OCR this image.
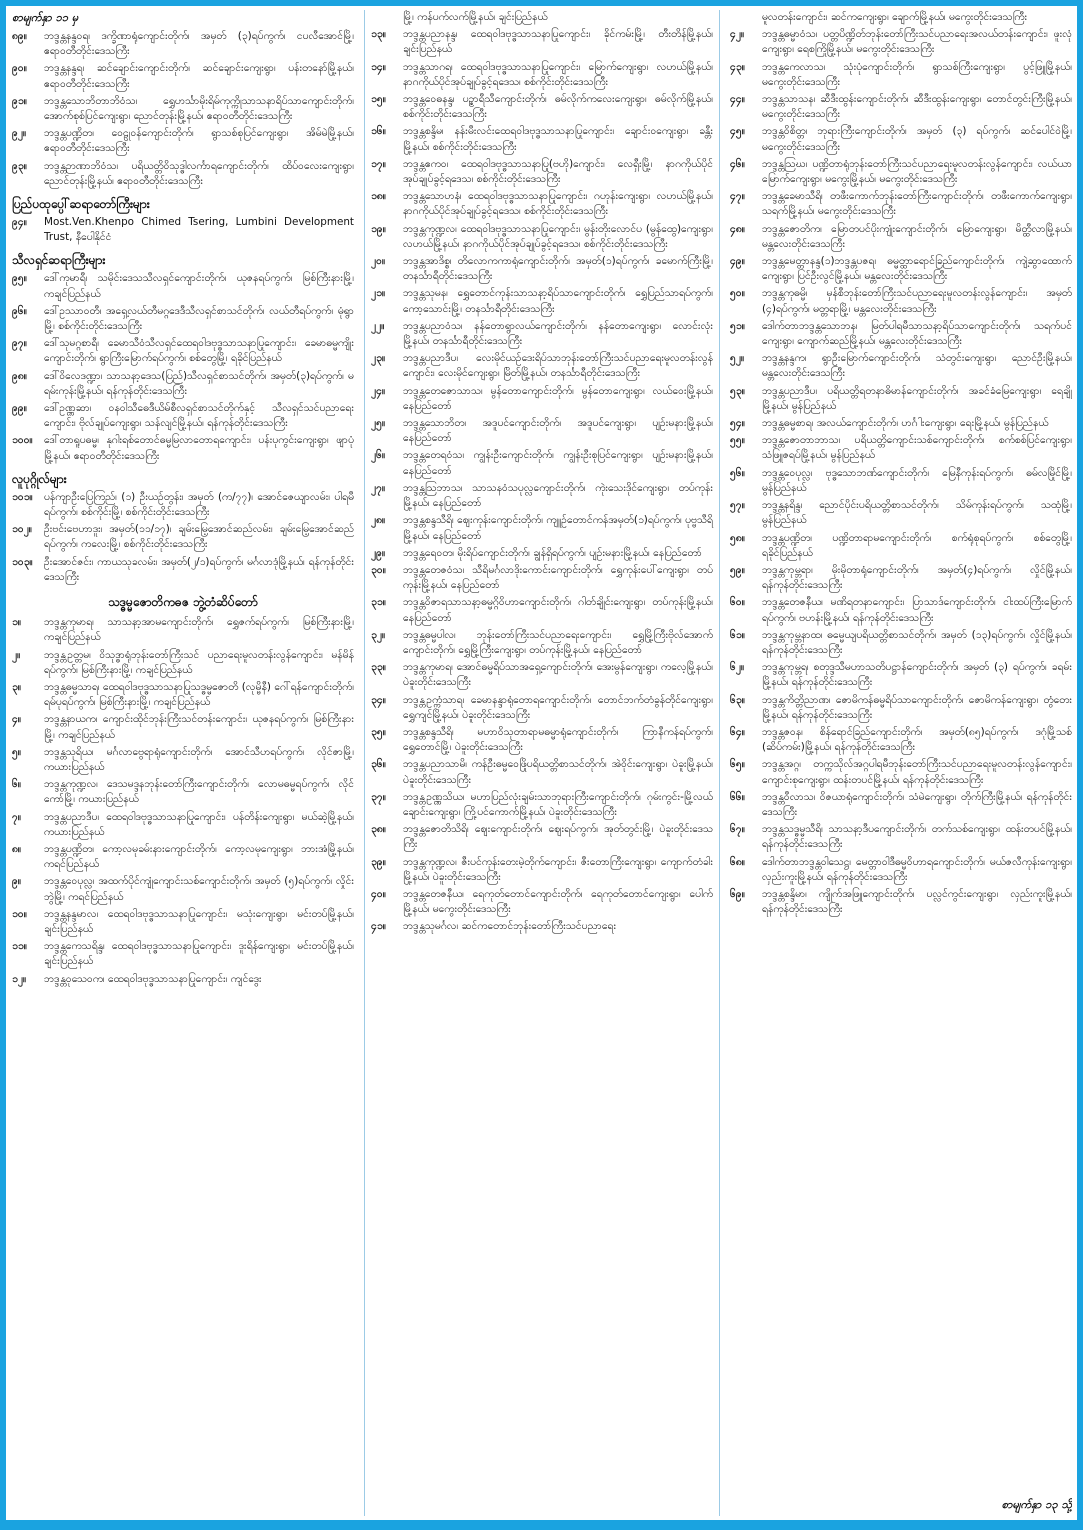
စာမျက်နှာ ၁၁ မှ
၈၉။	ဘဒ္ဒန္တနန္ဒဝရ၊ ဒက္ခိဏာရုံကျောင်းတိုက်၊ အမှတ် (၃)ရပ်ကွက်၊ ငပလီအောင်မြို့၊ ဧရာဝတီတိုင်းဒေသကြီး
၉၀။	ဘဒ္ဒန္တနန္ဒရ၊ ဆင်ချောင်းကျောင်းတိုက်၊ ဆင်ချောင်းကျေးရွာ၊ ပန်းတနော်မြို့နယ်၊ ဧရာဝတီတိုင်းဒေသကြီး
၉၁။	ဘဒ္ဒန္တသောဘိတာဘိဝံသ၊ ရွှေဟင်္သာမိုးရိမ်ကုက္ကိုသာသနာရိပ်သာကျောင်းတိုက်၊ အောက်စုစ်ပြင်ကျေးရွာ၊ ညောင်တုန်းမြို့နယ်၊ ဧရာဝတီတိုင်းဒေသကြီး
၉၂။	ဘဒ္ဒန္တပဏ္ဍိတ၊ ဝေဠုဝန်ကျောင်းတိုက်၊ ရွာသစ်စုပြင်ကျေးရွာ၊ အိမ်မဲမြို့နယ်၊ ဧရာဝတီတိုင်းဒေသကြီး
၉၃။	ဘဒ္ဒန္တဉာဏာဘိဝံသ၊ ပရိယတ္တိဝိသုဒ္ဓါလင်္ကာရကျောင်းတိုက်၊ ထိပ်ဝလေးကျေးရွာ၊ ညောင်တုန်းမြို့နယ်၊ ဧရာဝတီတိုင်းဒေသကြီး
ပြည်ပထုပ္ပေါ်ဆရာတော်ကြီးများ
၉၄။	Most.Ven.Khenpo Chimed Tsering, Lumbini Development Trust, နီပေါနိုင်ငံ
သီလရှင်ဆရာကြီးများ
၉၅။	ဒေါ်ကုမာရီ၊ သမိုင်းဒေသသီလရှင်ကျောင်းတိုက်၊ ယုဇနရပ်ကွက်၊ မြစ်ကြီးနားမြို့၊ ကချင်ပြည်နယ်
၉၆။	ဒေါ်ဥဿာဝတီ၊ အရှေ့လယ်တီမဂ္ဂဒေဒီသီလရှင်စာသင်တိုက်၊ လယ်တီရပ်ကွက်၊ မုံရွာမြို့၊ စစ်ကိုင်းတိုင်းဒေသကြီး
၉၇။	ဒေါ်သုမဂ္ဂစာရီ၊ ခေမာသီဝံသီလရှင်ထေရဝါဒဗုဒ္ဓသာသနာပြုကျောင်း၊ ခေမာဓမ္မကျိုးကျောင်းတိုက်၊ ရွာကြီးမြောက်ရပ်ကွက်၊ စစ်တွေမြို့၊ ရခိုင်ပြည်နယ်
၉၈။	ဒေါ်ဝိလေဒဏ္ဍာ၊ သာသနာ့ဒေသ(ပြည်)သီလရှင်စာသင်တိုက်၊ အမှတ်(၃)ရပ်ကွက်၊ မရမ်းကုန်းမြို့နယ်၊ ရန်ကုန်တိုင်းဒေသကြီး
၉၉။	ဒေါ်ဥဏ္ဏဆာ၊ ဝနဝါသီဓေဒီယိမ်စီလရှင်စာသင်တိုက်နှင့် သီလရှင်သင်ပညာရေးကျောင်း၊ ဗိုလ်ချုပ်ကျေးရွာ၊ သန်လျင်မြို့နယ်၊ ရန်ကုန်တိုင်းဒေသကြီး
၁၀၀။	ဒေါ်တာရူပဓမ္မ၊ နုဂါးရစ်တောင်ဓမ္မမြလာတောရကျောင်း၊ ပန်းပုကွင်းကျေးရွာ၊ ဖျာပုံမြို့နယ်၊ ဧရာဝတီတိုင်းဒေသကြီး
လူပုဂ္ဂိုလ်များ
၁၀၁။	ပန်ကျာဦးပြေကြည်၊ (၁) ဦးယဉ်တွန်း၊ အမှတ် (က/၇၇)၊ အောင်ဇေယျာလမ်း၊ ပါရမီရပ်ကွက်၊ စစ်ကိုင်းမြို့၊ စစ်ကိုင်းတိုင်းဒေသကြီး
၁၀၂။	ဦးဗင်းဗေဟာဒူး၊ အမှတ်(၁၁/၁၇)၊ ချမ်းမြေ့အောင်ဆည်လမ်း၊ ချမ်းမြေ့အောင်ဆည်ရပ်ကွက်၊ ကလေးမြို့၊ စစ်ကိုင်းတိုင်းဒေသကြီး
၁၀၃။	ဦးအောင်ဇင်း၊ ကာယသုခလမ်း၊ အမှတ်(၂/၁)ရပ်ကွက်၊ မင်္ဂလာဒုံမြို့နယ်၊ ရန်ကုန်တိုင်းဒေသကြီး
သဒ္ဓမ္မဇောတိကဓဇ ဘွဲ့တံဆိပ်တော်
၁။	ဘဒ္ဒန္တကုမာရ၊ သာသနာ့အာမကျောင်းတိုက်၊ ရွှေဇက်ရပ်ကွက်၊ မြစ်ကြီးနားမြို့၊ ကချင်ပြည်နယ်
၂။	ဘဒ္ဒန္တဥတ္တမ၊ ဝိသုဒ္ဓာရုံဘုန်းတော်ကြီးသင် ပညာရေးမူလတန်းလွန်ကျောင်း၊ မန်မိန်ရပ်ကွက်၊ မြစ်ကြီးနားမြို့၊ ကချင်ပြည်နယ်
၃။	ဘဒ္ဒန္တဓမ္မသာရ၊ ထေရဝါဒဗုဒ္ဓသာသနာပြုသဒ္ဓမ္မဇောတိ (လုမ္ဗိနီ) ဂေါ်ရန်ကျောင်းတိုက်၊ ရမ်ပုရပ်ကွက်၊ မြစ်ကြီးနားမြို့၊ ကချင်ပြည်နယ်
၄။	ဘဒ္ဒန္တနာယက၊ ကျောင်းထိုင်ဘုန်းကြီးသင်တန်းကျောင်း၊ ယုဇနရပ်ကွက်၊ မြစ်ကြီးနားမြို့၊ ကချင်ပြည်နယ်
၅။	ဘဒ္ဒန္တသုရိယ၊ မင်္ဂလာဗွေရာရုံကျောင်းတိုက်၊ အောင်သီဟရပ်ကွက်၊ လိုင်ဇာမြို့၊ ကယားပြည်နယ်
၆။	ဘဒ္ဒန္တကုဏ္ဍလ၊ ဒေသမဒ္ဒနဘုန်းတော်ကြီးကျောင်းတိုက်၊ လောမဓမ္မရပ်ကွက်၊ လိုင်ကော်မြို့၊ ကယားပြည်နယ်
၇။	ဘဒ္ဒန္တပညာဒီပ၊ ထေရဝါဒဗုဒ္ဓသာသနာပြုကျောင်း၊ ပန်တိန်းကျေးရွာ၊ မယ်ဆဲ့မြို့နယ်၊ ကယားပြည်နယ်
၈။	ဘဒ္ဒန္တပဏ္ဍိတ၊ ကော့လမုခမ်းနားကျောင်းတိုက်၊ ကော့လမုကျေးရွာ၊ ဘားအံမြို့နယ်၊ ကရင်ပြည်နယ်
၉။	ဘဒ္ဒန္တဝေပုလ္လ၊ အထက်ပိုင်ကျုံကျောင်းသစ်ကျောင်းတိုက်၊ အမှတ် (၅)ရပ်ကွက်၊ လှိုင်းဘွဲမြို့၊ ကရင်ပြည်နယ်
၁၀။	ဘဒ္ဒန္တနန္ဒမာလ၊ ထေရဝါဒဗုဒ္ဓသာသနာပြုကျောင်း၊ မသုံးကျေးရွာ၊ မင်းတပ်မြို့နယ်၊ ချင်းပြည်နယ်
၁၁။	ဘဒ္ဒန္တကေသရိန္ဒ၊ ထေရဝါဒဗုဒ္ဓသာသနာပြုကျောင်း၊ ဒူးရိန်ကျေးရွာ၊ မင်းတပ်မြို့နယ်၊ ချင်းပြည်နယ်
၁၂။	ဘဒ္ဒန္တဝုသေဝက၊ ထေရဝါဒဗုဒ္ဓသာသနာပြုကျောင်း၊ ကျင်ဒွေး
မြို့၊ ကန်ပက်လက်မြို့နယ်၊ ချင်းပြည်နယ်
၁၃။	ဘဒ္ဒန္တပညာနန္ဒ၊ ထေရဝါဒဗုဒ္ဓသာသနာပြုကျောင်း၊ ခိုင်ကမ်းမြို့၊ တီးတိန်မြို့နယ်၊ ချင်းပြည်နယ်
၁၄။	ဘဒ္ဒန္တသာဂရ၊ ထေရဝါဒဗုဒ္ဓသာသနာပြုကျောင်း၊ မြောက်ကျေးရွာ၊ လဟယ်မြို့နယ်၊ နာဂကိုယ်ပိုင်အုပ်ချုပ်ခွင့်ရဒေသ၊ စစ်ကိုင်းတိုင်းဒေသကြီး
၁၅။	ဘဒ္ဒန္တဝေဓနန္ဒ၊ ပဉ္စာရီသီကျောင်းတိုက်၊ ဓမ်လိုက်ကလေးကျေးရွာ၊ ဓမ်လိုက်မြို့နယ်၊ စစ်ကိုင်းတိုင်းဒေသကြီး
၁၆။	ဘဒ္ဒန္တစန္ဒိမ၊ နန်းမီးလင်းထေရဝါဒဗုဒ္ဓသာသနာပြုကျောင်း၊ ချောင်းဝကျေးရွာ၊ ခန္တီးမြို့နယ်၊ စစ်ကိုင်းတိုင်းဒေသကြီး
၁၇။	ဘဒ္ဒန္တဧကဝ၊ ထေရဝါဒဗုဒ္ဓသာသနာပြု(ဗဟို)ကျောင်း၊ လေရှီးမြို့၊ နာဂကိုယ်ပိုင်အုပ်ချုပ်ခွင့်ရဒေသ၊ စစ်ကိုင်းတိုင်းဒေသကြီး
၁၈။	ဘဒ္ဒန္တသောဟနံ၊ ထေရဝါဒဗုဒ္ဓသာသနာပြုကျောင်း၊ ဂဟုန်းကျေးရွာ၊ လဟယ်မြို့နယ်၊ နာဂကိုယ်ပိုင်အုပ်ချုပ်ခွင့်ရဒေသ၊ စစ်ကိုင်းတိုင်းဒေသကြီး
၁၉။	ဘဒ္ဒန္တကုဏ္ဍလ၊ ထေရဝါဒဗုဒ္ဓသာသနာပြုကျောင်း၊ မွန်းတိုးလောင်ပ (မွန်ထွေ)ကျေးရွာ၊ လဟယ်မြို့နယ်၊ နာဂကိုယ်ပိုင်အုပ်ချုပ်ခွင့်ရဒေသ၊ စစ်ကိုင်းတိုင်းဒေသကြီး
၂၀။	ဘဒ္ဒန္တအာဒိစ္စ၊ တိလောကကာရုံကျောင်းတိုက်၊ အမှတ်(၁)ရပ်ကွက်၊ ခမောက်ကြီးမြို့၊ တနင်္သာရီတိုင်းဒေသကြီး
၂၁။	ဘဒ္ဒန္တသုမန၊ ရွှေတောင်ကုန်းသာသနာ့ရိပ်သာကျောင်းတိုက်၊ ရွှေပြည်သာရပ်ကွက်၊ ကော့သောင်းမြို့၊ တနင်္သာရီတိုင်းဒေသကြီး
၂၂။	ဘဒ္ဒန္တပညာဝံသ၊ နန်တောရွာလယ်ကျောင်းတိုက်၊ နန်တောကျေးရွာ၊ လောင်းလုံးမြို့နယ်၊ တနင်္သာရီတိုင်းဒေသကြီး
၂၃။	ဘဒ္ဒန္တပညာဒီပ၊ လေးမိုင်ယဉ်ဒေးရိပ်သာဘုန်းတော်ကြီးသင်ပညာရေးမူလတန်းလွန်ကျောင်း၊ လေးမိုင်ကျေးရွာ၊ မြိတ်မြို့နယ်၊ တနင်္သာရီတိုင်းဒေသကြီး
၂၄။	ဘဒ္ဒန္တတေဇောသာသ၊ မွန်တောကျောင်းတိုက်၊ မွန်တောကျေးရွာ၊ လယ်ဝေးမြို့နယ်၊ နေပြည်တော်
၂၅။	ဘဒ္ဒန္တသောဘိတ၊ အဒူပင်ကျောင်းတိုက်၊ အဒူပင်ကျေးရွာ၊ ပျဉ်းမနားမြို့နယ်၊ နေပြည်တော်
၂၆။	ဘဒ္ဒန္တတေရဝံသ၊ ကျွန်းဦးကျောင်းတိုက်၊ ကျွန်းဦးစုပြင်ကျေးရွာ၊ ပျဉ်းမနားမြို့နယ်၊ နေပြည်တော်
၂၇။	ဘဒ္ဒန္တဩဘာသ၊ သာသနဝံသပုလ္လကျောင်းတိုက်၊ ကုဲးသေးဒိုင်ကျေးရွာ၊ တပ်ကုန်းမြို့နယ်၊ နေပြည်တော်
၂၈။	ဘဒ္ဒန္တစန္ဒသီရိ၊ ဈေးကုန်းကျောင်းတိုက်၊ ကျူဉ်တောင်ကန်အမှတ်(၁)ရပ်ကွက်၊ ပုဗ္ဗသီရိမြို့နယ်၊ နေပြည်တော်
၂၉။	ဘဒ္ဒန္တရေဝတ၊ မိုးရိပ်ကျောင်းတိုက်၊ ချွန်ရှိရပ်ကွက်၊ ပျဉ်းမနားမြို့နယ်၊ နေပြည်တော်
၃၀။	ဘဒ္ဒန္တတေဇဝံသ၊ သီရိမင်္ဂလာဒိုးကောင်းကျောင်းတိုက်၊ ရွှေကုန်းပေါ်ကျေးရွာ၊ တပ်ကုန်းမြို့နယ်၊ နေပြည်တော်
၃၁။	ဘဒ္ဒန္တဝိဇာရသာသနာ့ဓမ္မဂ္ဂိဝိဟာကျောင်းတိုက်၊ ဂါတ်ချိုင်းကျေးရွာ၊ တပ်ကုန်းမြို့နယ်၊ နေပြည်တော်
၃၂။	ဘဒ္ဒန္တဓမ္မပါလ၊ ဘုန်းတော်ကြီးသင်ပညာရေးကျောင်း၊ ရွှေမြို့ကြီးဗိုလ်အောက်ကျောင်းတိုက်၊ ရွှေမြို့ကြီးကျေးရွာ၊ တပ်ကုန်းမြို့နယ်၊ နေပြည်တော်
၃၃။	ဘဒ္ဒန္တကုမာရ၊ အောင်ဓမ္မရိပ်သာအရှေ့ကျောင်းတိုက်၊ အေးမွန်ကျေးရွာ၊ ကလေ့မြို့နယ်၊ ပဲခူးတိုင်းဒေသကြီး
၃၄။	ဘဒ္ဒန္တဥက္ကံသာရ၊ ခေမာနန္ဒာရုံတောရကျောင်းတိုက်၊ တောင်ဘက်တံခွန်တိုင်ကျေးရွာ၊ ရွှေကျင်မြို့နယ်၊ ပဲခူးတိုင်းဒေသကြီး
၃၅။	ဘဒ္ဒန္တစန္ဒသီရိ၊ မဟာဝိသုတာရာမဓမ္မာရုံကျောင်းတိုက်၊ ကြာနီကန်ရပ်ကွက်၊ ရွှေတောင်မြို့၊ ပဲခူးတိုင်းဒေသကြီး
၃၆။	ဘဒ္ဒန္တပညာသာမိ၊ ကန်ဦးဓမ္မဝေဖြိုပရိယတ္တိစာသင်တိုက်၊ အဲဝိုင်းကျေးရွာ၊ ပဲခူးမြို့နယ်၊ ပဲခူးတိုင်းဒေသကြီး
၃၇။	ဘဒ္ဒန္တဥဏ္ဏသိယ၊ မဟာပြည်လုံးချမ်းသာဘုရားကြီးကျောင်းတိုက်၊ ဂုမ်းကွင်း-မြို့လယ်ချောင်းကျေးရွာ၊ ကြို့ပင်ကောက်မြို့နယ်၊ ပဲခူးတိုင်းဒေသကြီး
၃၈။	ဘဒ္ဒန္တဇောတိသိရိ၊ ဈေးကျောင်းတိုက်၊ ဈေးရပ်ကွက်၊ အုတ်တွင်းမြို့၊ ပဲခူးတိုင်းဒေသကြီး
၃၉။	ဘဒ္ဒန္တကုဏ္ဍလ၊ ဇီးပင်ကုန်းတေးမဲ့တိုက်ကျောင်း၊ ဇီးတောကြီးကျေးရွာ၊ ကျောက်တံခါးမြို့နယ်၊ ပဲခူးတိုင်းဒေသကြီး
၄၀။	ဘဒ္ဒန္တတေဇနီယ၊ ရေကုတ်တောင်ကျောင်းတိုက်၊ ရေကုတ်တောင်ကျေးရွာ၊ ပေါက်မြို့နယ်၊ မကွေးတိုင်းဒေသကြီး
၄၁။	ဘဒ္ဒန္တသုမင်္ဂလ၊ ဆင်ကတောင်ဘုန်းတော်ကြီးသင်ပညာရေး
မူလတန်းကျောင်း၊ ဆင်ကကျေးရွာ၊ ချောက်မြို့နယ်၊ မကွေးတိုင်းဒေသကြီး
၄၂။	ဘဒ္ဒန္တဓမ္မာဝံသ၊ ပတ္တပိဏ္ဍိတ်ဘုန်းတော်ကြီးသင်ပညာရေးအလယ်တန်းကျောင်း၊ ဖူးလုံကျေးရွာ၊ ရေစကြိုမြို့နယ်၊ မကွေးတိုင်းဒေသကြီး
၄၃။	ဘဒ္ဒန္တကေလာသ၊ သုံးပုံကျောင်းတိုက်၊ ရွာသစ်ကြီးကျေးရွာ၊ ပွင့်ဖြူမြို့နယ်၊ မကွေးတိုင်းဒေသကြီး
၄၄။	ဘဒ္ဒန္တသာသန၊ ဆီဒီးထွန်းကျောင်းတိုက်၊ ဆီဒီးထွန်းကျေးရွာ၊ တောင်တွင်းကြီးမြို့နယ်၊ မကွေးတိုင်းဒေသကြီး
၄၅။	ဘဒ္ဒန္တဝိစိတ္တ၊ ဘုရားကြီးကျောင်းတိုက်၊ အမှတ် (၃) ရပ်ကွက်၊ ဆင်ပေါင်ဝဲမြို့၊ မကွေးတိုင်းဒေသကြီး
၄၆။	ဘဒ္ဒန္တဩဃ၊ ပဏ္ဍိတာရုံဘုန်းတော်ကြီးသင်ပညာရေးမူလတန်းလွန်ကျောင်း၊ လယ်ယာမြောက်ကျေးရွာ၊ မကွေးမြို့နယ်၊ မကွေးတိုင်းဒေသကြီး
၄၇။	ဘဒ္ဒန္တခေမာသီရိ၊ တဖီးကောက်ဘုန်းတော်ကြီးကျောင်းတိုက်၊ တဖီးကောက်ကျေးရွာ၊ သရက်မြို့နယ်၊ မကွေးတိုင်းဒေသကြီး
၄၈။	ဘဒ္ဒန္တဇောတိက၊ မြောတပင်ပိုးကျုံးကျောင်းတိုက်၊ မြောကျေးရွာ၊ မိတ္ထီလာမြို့နယ်၊ မန္တလေးတိုင်းဒေသကြီး
၄၉။	ဘဒ္ဒန္တမေတ္တာနန္ဒ(၁)ဘဒ္ဒန္တပဇရ၊ ဓမ္မတ္ထာရောင်ခြည်ကျောင်းတိုက်၊ ကျဲ့ဆွာထောက်ကျေးရွာ၊ ပြင်ဦးလွင်မြို့နယ်၊ မန္တလေးတိုင်းဒေသကြီး
၅၀။	ဘဒ္ဒန္တကုဓမ္မိ၊ မှန်စီဘုန်းတော်ကြီးသင်ပညာရေးမူလတန်းလွန်ကျောင်း၊ အမှတ် (၄)ရပ်ကွက်၊ မတ္တရာမြို့၊ မန္တလေးတိုင်းဒေသကြီး
၅၁။	ဒေါက်တာဘဒ္ဒန္တသောဘန၊ မြတ်ပါရမီသာသနာ့ရိပ်သာကျောင်းတိုက်၊ သရက်ပင်ကျေးရွာ၊ ကျောက်ဆည်မြို့နယ်၊ မန္တလေးတိုင်းဒေသကြီး
၅၂။	ဘဒ္ဒန္တနန္ဒက၊ ရွာဦးမြောက်ကျောင်းတိုက်၊ သံတွင်းကျေးရွာ၊ ညောင်ဦးမြို့နယ်၊ မန္တလေးတိုင်းဒေသကြီး
၅၃။	ဘဒ္ဒန္တပညာဒီပ၊ ပရိယတ္တိရတနာဓိမာန်ကျောင်းတိုက်၊ အခင်ခံမြေကျေးရွာ၊ ရေချိုမြို့နယ်၊ မွန်ပြည်နယ်
၅၄။	ဘဒ္ဒန္တဓမ္မစာရ၊ အလယ်ကျောင်းတိုက်၊ ဟင်္ဂါးကျေးရွာ၊ ရေးမြို့နယ်၊ မွန်ပြည်နယ်
၅၅။	ဘဒ္ဒန္တဇောတာဘာသ၊ ပရိယတ္တိကျောင်းသစ်ကျောင်းတိုက်၊ စက်စစ်ပြင်ကျေးရွာ၊ သံဖြူဇရပ်မြို့နယ်၊ မွန်ပြည်နယ်
၅၆။	ဘဒ္ဒန္တဝေပုလ္လ၊ ဗုဒ္ဓသောဘဏ်ကျောင်းတိုက်၊ မြေနီကုန်းရပ်ကွက်၊ ဓမ်လမြိုင်မြို့၊ မွန်ပြည်နယ်
၅၇။	ဘဒ္ဒန္တနရိန္ဒ၊ ညောင်ပိုင်းပရိယတ္တိစာသင်တိုက်၊ သိမ်ကုန်းရပ်ကွက်၊ သထုံမြို့၊ မွန်ပြည်နယ်
၅၈။	ဘဒ္ဒန္တပဏ္ဍိတ၊ ပဏ္ဍိတာရာမကျောင်းတိုက်၊ စက်ရုံစုရပ်ကွက်၊ စစ်တွေမြို့၊ ရခိုင်ပြည်နယ်
၅၉။	ဘဒ္ဒန္တကုမ္ဘရာ၊ မိုးမိုတာရုံကျောင်းတိုက်၊ အမှတ်(၄)ရပ်ကွက်၊ လှိုင်မြို့နယ်၊ ရန်ကုန်တိုင်းဒေသကြီး
၆၀။	ဘဒ္ဒန္တတေဇနီယ၊ မဏိရတနာကျောင်း၊ ပြာသာဒ်ကျောင်းတိုက်၊ ငါးထပ်ကြီးမြောက်ရပ်ကွက်၊ ဗဟန်းမြို့နယ်၊ ရန်ကုန်တိုင်းဒေသကြီး
၆၁။	ဘဒ္ဒန္တကုမ္ဘနာထ၊ ဓမ္မေယျပရိယတ္တိစာသင်တိုက်၊ အမှတ် (၁၃)ရပ်ကွက်၊ လှိုင်မြို့နယ်၊ ရန်ကုန်တိုင်းဒေသကြီး
၆၂။	ဘဒ္ဒန္တကုမ္ဘရ၊ စတုဒ္ဒသီမဟာသတိပဋ္ဌာန်ကျောင်းတိုက်၊ အမှတ် (၃) ရပ်ကွက်၊ ခရမ်းမြို့နယ်၊ ရန်ကုန်တိုင်းဒေသကြီး
၆၃။	ဘဒ္ဒန္တကိတ္တိညာဏ၊ ဇောမိကန်ဓမ္မရိပ်သာကျောင်းတိုက်၊ ဇောမိကန်ကျေးရွာ၊ တွံတေးမြို့နယ်၊ ရန်ကုန်တိုင်းဒေသကြီး
၆၄။	ဘဒ္ဒန္တဇဝန၊ စိန်ရောင်ခြည်ကျောင်းတိုက်၊ အမှတ်(၈၅)ရပ်ကွက်၊ ဒဂုံမြို့သစ် (ဆိပ်ကမ်း)မြို့နယ်၊ ရန်ကုန်တိုင်းဒေသကြီး
၆၅။	ဘဒ္ဒန္တအဂ္ဂ၊ တက္ကသိုလ်အဂ္ဂပါရမီဘုန်းတော်ကြီးသင်ပညာရေးမူလတန်းလွန်ကျောင်း၊ ကျောင်းစုကျေးရွာ၊ ထန်းတပင်မြို့နယ်၊ ရန်ကုန်တိုင်းဒေသကြီး
၆၆။	ဘဒ္ဒန္တဝီလာသ၊ ဝိဇယာရုံကျောင်းတိုက်၊ သံမဲကျေးရွာ၊ တိုက်ကြီးမြို့နယ်၊ ရန်ကုန်တိုင်းဒေသကြီး
၆၇။	ဘဒ္ဒန္တသဒ္ဓမ္မသီရိ၊ သာသနာ့ဒီပကျောင်းတိုက်၊ တက်သစ်ကျေးရွာ၊ ထန်းတပင်မြို့နယ်၊ ရန်ကုန်တိုင်းဒေသကြီး
၆၈။	ဒေါက်တာဘဒ္ဒန္တဝါသေဋ္ဌ၊ မေတ္တာဝါဒီဓမ္မဝိဟာရကျောင်းတိုက်၊ မယ်ဇလီကုန်းကျေးရွာ၊ လှည်းကူးမြို့နယ်၊ ရန်ကုန်တိုင်းဒေသကြီး
၆၉။	ဘဒ္ဒန္တစန္ဒိမာ၊ ကျိုက်အဖြူကျောင်းတိုက်၊ ပလ္လင်ကွင်းကျေးရွာ၊ လှည်းကူးမြို့နယ်၊ ရန်ကုန်တိုင်းဒေသကြီး
စာမျက်နှာ ၁၃ သို့
